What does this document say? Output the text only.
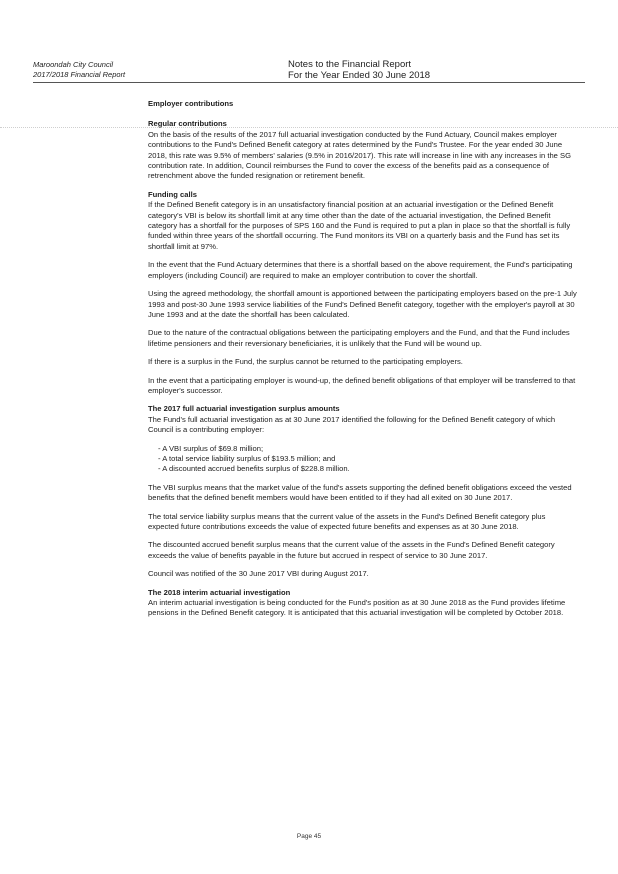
Maroondah City Council
2017/2018 Financial Report
Notes to the Financial Report
For the Year Ended 30 June 2018

Employer contributions

Regular contributions

On the basis of the results of the 2017 full actuarial investigation conducted by the Fund Actuary, Council makes employer contributions to the Fund's Defined Benefit category at rates determined by the Fund's Trustee. For the year ended 30 June 2018, this rate was 9.5% of members' salaries (9.5% in 2016/2017). This rate will increase in line with any increases in the SG contribution rate. In addition, Council reimburses the Fund to cover the excess of the benefits paid as a consequence of retrenchment above the funded resignation or retirement benefit.

Funding calls

If the Defined Benefit category is in an unsatisfactory financial position at an actuarial investigation or the Defined Benefit category's VBI is below its shortfall limit at any time other than the date of the actuarial investigation, the Defined Benefit category has a shortfall for the purposes of SPS 160 and the Fund is required to put a plan in place so that the shortfall is fully funded within three years of the shortfall occurring. The Fund monitors its VBI on a quarterly basis and the Fund has set its shortfall limit at 97%.

In the event that the Fund Actuary determines that there is a shortfall based on the above requirement, the Fund's participating employers (including Council) are required to make an employer contribution to cover the shortfall.

Using the agreed methodology, the shortfall amount is apportioned between the participating employers based on the pre-1 July 1993 and post-30 June 1993 service liabilities of the Fund's Defined Benefit category, together with the employer's payroll at 30 June 1993 and at the date the shortfall has been calculated.

Due to the nature of the contractual obligations between the participating employers and the Fund, and that the Fund includes lifetime pensioners and their reversionary beneficiaries, it is unlikely that the Fund will be wound up.

If there is a surplus in the Fund, the surplus cannot be returned to the participating employers.

In the event that a participating employer is wound-up, the defined benefit obligations of that employer will be transferred to that employer's successor.

The 2017 full actuarial investigation surplus amounts

The Fund's full actuarial investigation as at 30 June 2017 identified the following for the Defined Benefit category of which Council is a contributing employer:

- A VBI surplus of $69.8 million;
- A total service liability surplus of $193.5 million; and
- A discounted accrued benefits surplus of $228.8 million.

The VBI surplus means that the market value of the fund's assets supporting the defined benefit obligations exceed the vested benefits that the defined benefit members would have been entitled to if they had all exited on 30 June 2017.

The total service liability surplus means that the current value of the assets in the Fund's Defined Benefit category plus expected future contributions exceeds the value of expected future benefits and expenses as at 30 June 2018.

The discounted accrued benefit surplus means that the current value of the assets in the Fund's Defined Benefit category exceeds the value of benefits payable in the future but accrued in respect of service to 30 June 2017.

Council was notified of the 30 June 2017 VBI during August 2017.

The 2018 interim actuarial investigation

An interim actuarial investigation is being conducted for the Fund's position as at 30 June 2018 as the Fund provides lifetime pensions in the Defined Benefit category. It is anticipated that this actuarial investigation will be completed by October 2018.

Page 45
